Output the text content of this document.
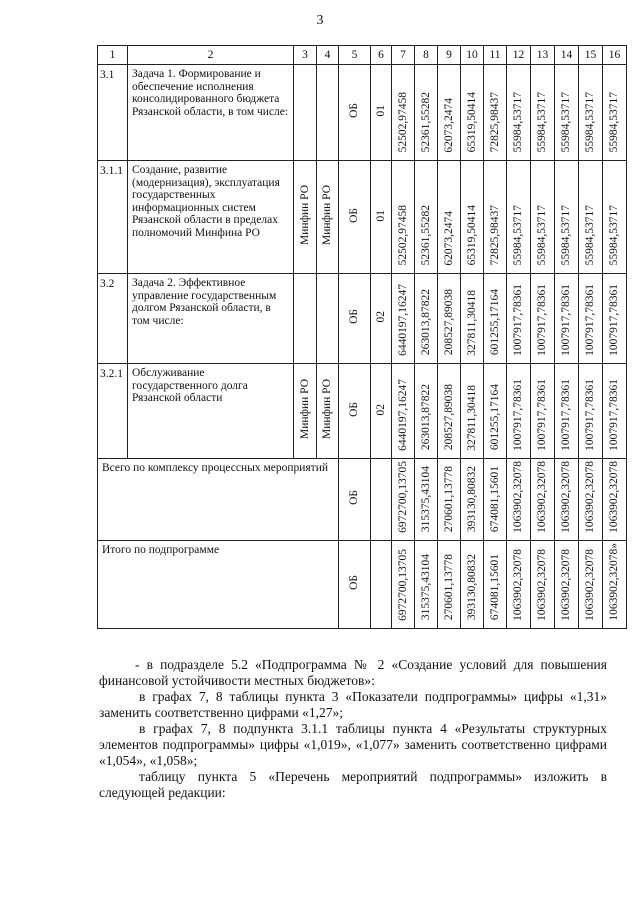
3
1	2	3	4	5	6	7	8	9	10	11	12	13	14	15	16
3.1	Задача 1. Формирование и обеспечение исполнения консолидированного бюджета Рязанской области, в том числе:			ОБ	01	52502,97458	52361,55282	62073,2474	65319,50414	72825,98437	55984,53717	55984,53717	55984,53717	55984,53717	55984,53717
3.1.1	Создание, развитие (модернизация), эксплуатация государственных информационных систем Рязанской области в пределах полномочий Минфина РО	Минфин РО	Минфин РО	ОБ	01	52502,97458	52361,55282	62073,2474	65319,50414	72825,98437	55984,53717	55984,53717	55984,53717	55984,53717	55984,53717
3.2	Задача 2. Эффективное управление государственным долгом Рязанской области, в том числе:			ОБ	02	6440197,16247	263013,87822	208527,89038	327811,30418	601255,17164	1007917,78361	1007917,78361	1007917,78361	1007917,78361	1007917,78361
3.2.1	Обслуживание государственного долга Рязанской области	Минфин РО	Минфин РО	ОБ	02	6440197,16247	263013,87822	208527,89038	327811,30418	601255,17164	1007917,78361	1007917,78361	1007917,78361	1007917,78361	1007917,78361
Всего по комплексу процессных мероприятий				ОБ		6972700,13705	315375,43104	270601,13778	393130,80832	674081,15601	1063902,32078	1063902,32078	1063902,32078	1063902,32078	1063902,32078
Итого по подпрограмме				ОБ		6972700,13705	315375,43104	270601,13778	393130,80832	674081,15601	1063902,32078	1063902,32078	1063902,32078	1063902,32078	1063902,32078»

- в подразделе 5.2 «Подпрограмма № 2 «Создание условий для повышения финансовой устойчивости местных бюджетов»:

в графах 7, 8 таблицы пункта 3 «Показатели подпрограммы» цифры «1,31» заменить соответственно цифрами «1,27»;

в графах 7, 8 подпункта 3.1.1 таблицы пункта 4 «Результаты структурных элементов подпрограммы» цифры «1,019», «1,077» заменить соответственно цифрами «1,054», «1,058»;

таблицу пункта 5 «Перечень мероприятий подпрограммы» изложить в следующей редакции:
